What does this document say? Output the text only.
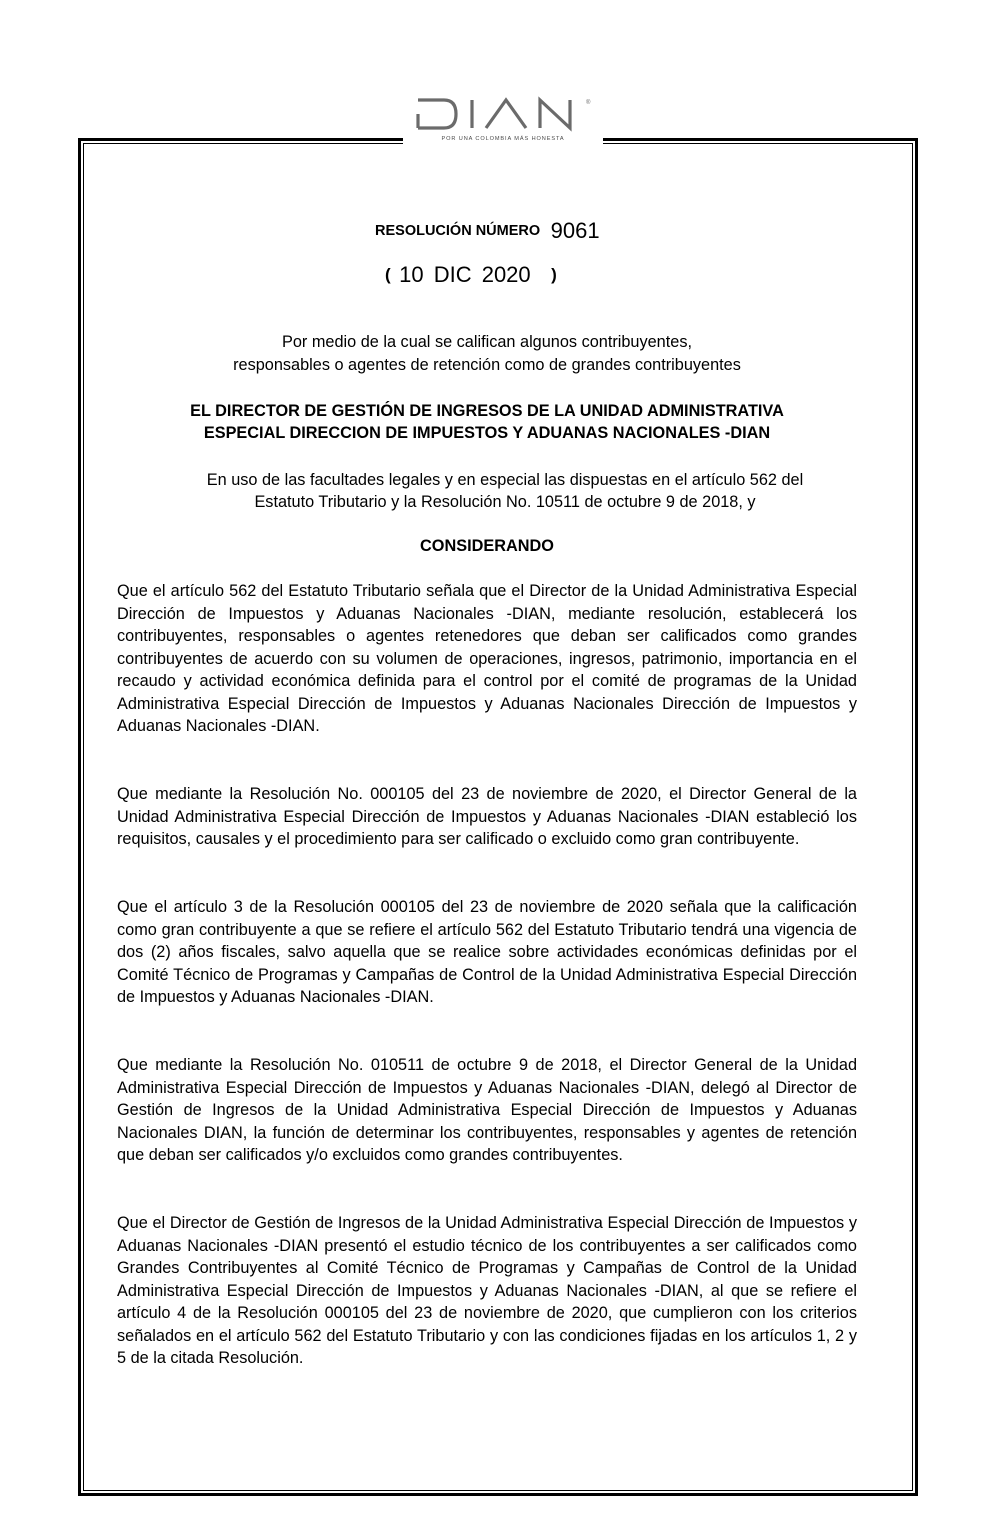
®
POR UNA COLOMBIA MÁS HONESTA
RESOLUCIÓN NÚMERO 9061
( 10 DIC 2020 )
Por medio de la cual se califican algunos contribuyentes,
responsables o agentes de retención como de grandes contribuyentes
EL DIRECTOR DE GESTIÓN DE INGRESOS DE LA UNIDAD ADMINISTRATIVA
ESPECIAL DIRECCION DE IMPUESTOS Y ADUANAS NACIONALES -DIAN
En uso de las facultades legales y en especial las dispuestas en el artículo 562 del
Estatuto Tributario y la Resolución No. 10511 de octubre 9 de 2018, y
CONSIDERANDO
Que el artículo 562 del Estatuto Tributario señala que el Director de la Unidad Administrativa Especial Dirección de Impuestos y Aduanas Nacionales -DIAN, mediante resolución, establecerá los contribuyentes, responsables o agentes retenedores que deban ser calificados como grandes contribuyentes de acuerdo con su volumen de operaciones, ingresos, patrimonio, importancia en el recaudo y actividad económica definida para el control por el comité de programas de la Unidad Administrativa Especial Dirección de Impuestos y Aduanas Nacionales Dirección de Impuestos y Aduanas Nacionales -DIAN.
Que mediante la Resolución No. 000105 del 23 de noviembre de 2020, el Director General de la Unidad Administrativa Especial Dirección de Impuestos y Aduanas Nacionales -DIAN estableció los requisitos, causales y el procedimiento para ser calificado o excluido como gran contribuyente.
Que el artículo 3 de la Resolución 000105 del 23 de noviembre de 2020 señala que la calificación como gran contribuyente a que se refiere el artículo 562 del Estatuto Tributario tendrá una vigencia de dos (2) años fiscales, salvo aquella que se realice sobre actividades económicas definidas por el Comité Técnico de Programas y Campañas de Control de la Unidad Administrativa Especial Dirección de Impuestos y Aduanas Nacionales -DIAN.
Que mediante la Resolución No. 010511 de octubre 9 de 2018, el Director General de la Unidad Administrativa Especial Dirección de Impuestos y Aduanas Nacionales -DIAN, delegó al Director de Gestión de Ingresos de la Unidad Administrativa Especial Dirección de Impuestos y Aduanas Nacionales DIAN, la función de determinar los contribuyentes, responsables y agentes de retención que deban ser calificados y/o excluidos como grandes contribuyentes.
Que el Director de Gestión de Ingresos de la Unidad Administrativa Especial Dirección de Impuestos y Aduanas Nacionales -DIAN presentó el estudio técnico de los contribuyentes a ser calificados como Grandes Contribuyentes al Comité Técnico de Programas y Campañas de Control de la Unidad Administrativa Especial Dirección de Impuestos y Aduanas Nacionales -DIAN, al que se refiere el artículo 4 de la Resolución 000105 del 23 de noviembre de 2020, que cumplieron con los criterios señalados en el artículo 562 del Estatuto Tributario y con las condiciones fijadas en los artículos 1, 2 y 5 de la citada Resolución.
